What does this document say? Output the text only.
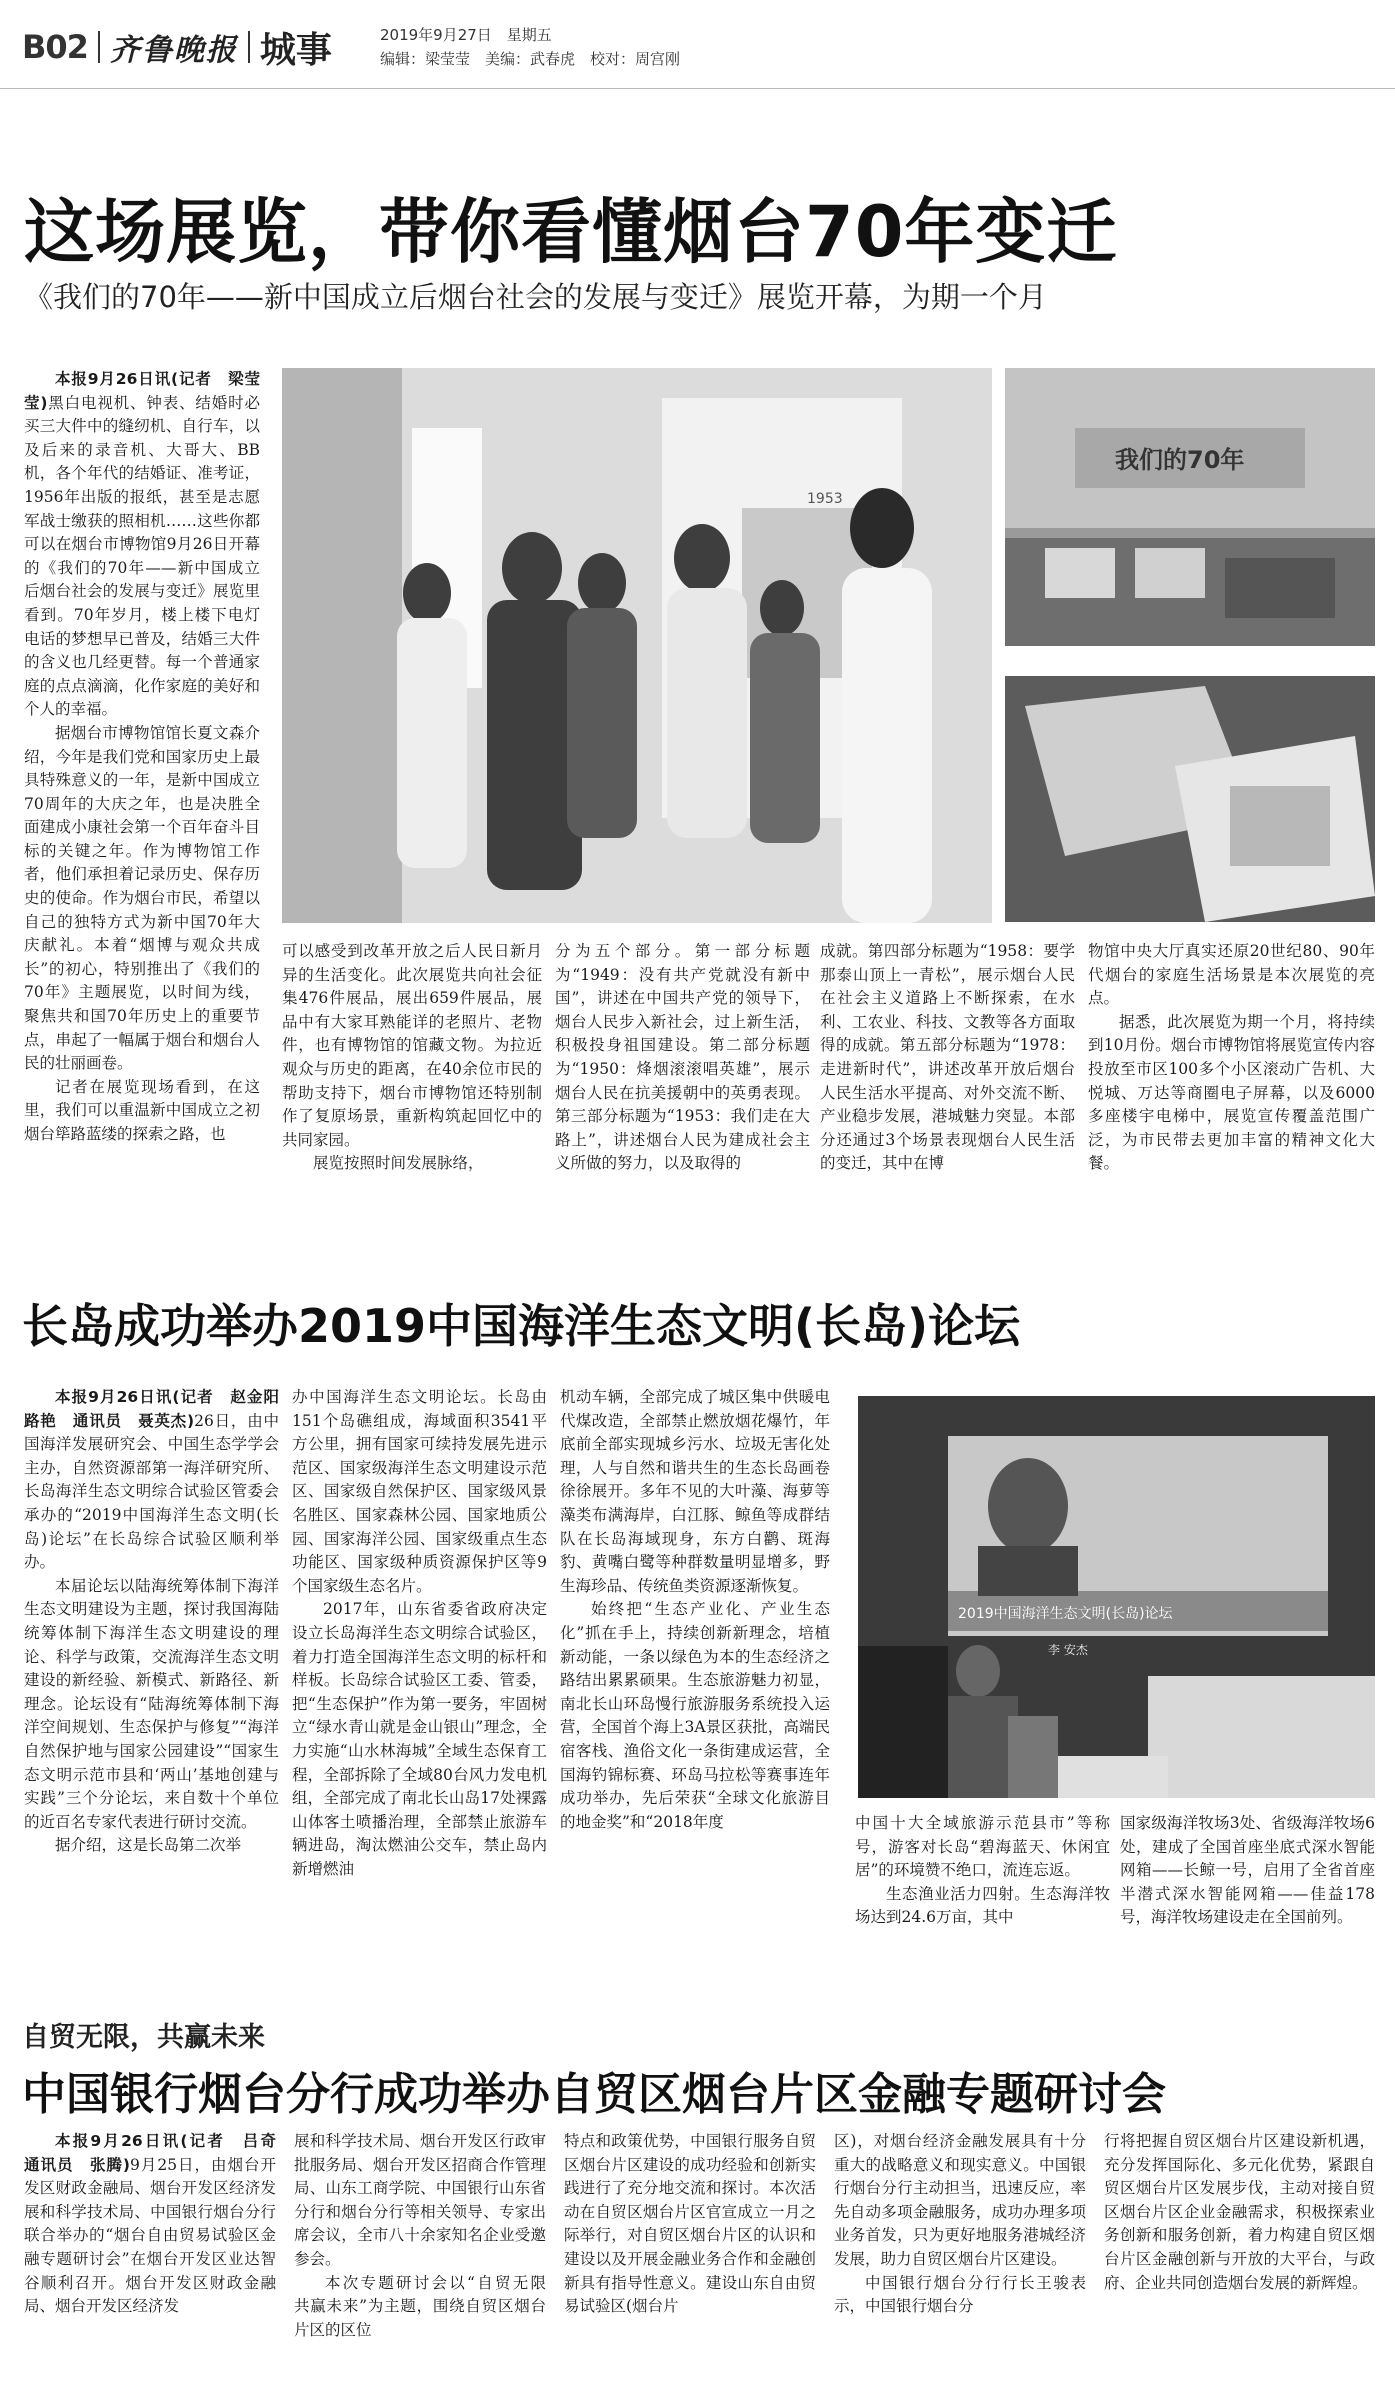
B02 齐鲁晚报 城事	2019年9月27日　星期五
编辑：梁莹莹　美编：武春虎　校对：周宫刚
这场展览，带你看懂烟台70年变迁
《我们的70年——新中国成立后烟台社会的发展与变迁》展览开幕，为期一个月

本报9月26日讯(记者　梁莹莹)黑白电视机、钟表、结婚时必买三大件中的缝纫机、自行车，以及后来的录音机、大哥大、BB机，各个年代的结婚证、准考证，1956年出版的报纸，甚至是志愿军战士缴获的照相机……这些你都可以在烟台市博物馆9月26日开幕的《我们的70年——新中国成立后烟台社会的发展与变迁》展览里看到。70年岁月，楼上楼下电灯电话的梦想早已普及，结婚三大件的含义也几经更替。每一个普通家庭的点点滴滴，化作家庭的美好和个人的幸福。

据烟台市博物馆馆长夏文森介绍，今年是我们党和国家历史上最具特殊意义的一年，是新中国成立70周年的大庆之年，也是决胜全面建成小康社会第一个百年奋斗目标的关键之年。作为博物馆工作者，他们承担着记录历史、保存历史的使命。作为烟台市民，希望以自己的独特方式为新中国70年大庆献礼。本着“烟博与观众共成长”的初心，特别推出了《我们的70年》主题展览，以时间为线，聚焦共和国70年历史上的重要节点，串起了一幅属于烟台和烟台人民的壮丽画卷。

记者在展览现场看到，在这里，我们可以重温新中国成立之初烟台筚路蓝缕的探索之路，也

1953
我们的70年

可以感受到改革开放之后人民日新月异的生活变化。此次展览共向社会征集476件展品，展出659件展品，展品中有大家耳熟能详的老照片、老物件，也有博物馆的馆藏文物。为拉近观众与历史的距离，在40余位市民的帮助支持下，烟台市博物馆还特别制作了复原场景，重新构筑起回忆中的共同家园。

展览按照时间发展脉络，

分为五个部分。第一部分标题为“1949：没有共产党就没有新中国”，讲述在中国共产党的领导下，烟台人民步入新社会，过上新生活，积极投身祖国建设。第二部分标题为“1950：烽烟滚滚唱英雄”，展示烟台人民在抗美援朝中的英勇表现。第三部分标题为“1953：我们走在大路上”，讲述烟台人民为建成社会主义所做的努力，以及取得的

成就。第四部分标题为“1958：要学那泰山顶上一青松”，展示烟台人民在社会主义道路上不断探索，在水利、工农业、科技、文教等各方面取得的成就。第五部分标题为“1978：走进新时代”，讲述改革开放后烟台人民生活水平提高、对外交流不断、产业稳步发展，港城魅力突显。本部分还通过3个场景表现烟台人民生活的变迁，其中在博

物馆中央大厅真实还原20世纪80、90年代烟台的家庭生活场景是本次展览的亮点。

据悉，此次展览为期一个月，将持续到10月份。烟台市博物馆将展览宣传内容投放至市区100多个小区滚动广告机、大悦城、万达等商圈电子屏幕，以及6000多座楼宇电梯中，展览宣传覆盖范围广泛，为市民带去更加丰富的精神文化大餐。

长岛成功举办2019中国海洋生态文明(长岛)论坛

本报9月26日讯(记者　赵金阳　路艳　通讯员　聂英杰)26日，由中国海洋发展研究会、中国生态学学会主办，自然资源部第一海洋研究所、长岛海洋生态文明综合试验区管委会承办的“2019中国海洋生态文明(长岛)论坛”在长岛综合试验区顺利举办。

本届论坛以陆海统筹体制下海洋生态文明建设为主题，探讨我国海陆统筹体制下海洋生态文明建设的理论、科学与政策，交流海洋生态文明建设的新经验、新模式、新路径、新理念。论坛设有“陆海统筹体制下海洋空间规划、生态保护与修复”“海洋自然保护地与国家公园建设”“国家生态文明示范市县和‘两山’基地创建与实践”三个分论坛，来自数十个单位的近百名专家代表进行研讨交流。

据介绍，这是长岛第二次举

办中国海洋生态文明论坛。长岛由151个岛礁组成，海域面积3541平方公里，拥有国家可续持发展先进示范区、国家级海洋生态文明建设示范区、国家级自然保护区、国家级风景名胜区、国家森林公园、国家地质公园、国家海洋公园、国家级重点生态功能区、国家级种质资源保护区等9个国家级生态名片。

2017年，山东省委省政府决定设立长岛海洋生态文明综合试验区，着力打造全国海洋生态文明的标杆和样板。长岛综合试验区工委、管委，把“生态保护”作为第一要务，牢固树立“绿水青山就是金山银山”理念，全力实施“山水林海城”全域生态保育工程，全部拆除了全域80台风力发电机组，全部完成了南北长山岛17处裸露山体客土喷播治理，全部禁止旅游车辆进岛，淘汰燃油公交车，禁止岛内新增燃油

机动车辆，全部完成了城区集中供暖电代煤改造，全部禁止燃放烟花爆竹，年底前全部实现城乡污水、垃圾无害化处理，人与自然和谐共生的生态长岛画卷徐徐展开。多年不见的大叶藻、海萝等藻类布满海岸，白江豚、鲸鱼等成群结队在长岛海域现身，东方白鹳、斑海豹、黄嘴白鹭等种群数量明显增多，野生海珍品、传统鱼类资源逐渐恢复。

始终把“生态产业化、产业生态化”抓在手上，持续创新新理念，培植新动能，一条以绿色为本的生态经济之路结出累累硕果。生态旅游魅力初显，南北长山环岛慢行旅游服务系统投入运营，全国首个海上3A景区获批，高端民宿客栈、渔俗文化一条街建成运营，全国海钓锦标赛、环岛马拉松等赛事连年成功举办，先后荣获“全球文化旅游目的地金奖”和“2018年度

2019中国海洋生态文明(长岛)论坛
李 安杰

中国十大全域旅游示范县市”等称号，游客对长岛“碧海蓝天、休闲宜居”的环境赞不绝口，流连忘返。

生态渔业活力四射。生态海洋牧场达到24.6万亩，其中

国家级海洋牧场3处、省级海洋牧场6处，建成了全国首座坐底式深水智能网箱——长鲸一号，启用了全省首座半潜式深水智能网箱——佳益178号，海洋牧场建设走在全国前列。

自贸无限，共赢未来
中国银行烟台分行成功举办自贸区烟台片区金融专题研讨会

本报9月26日讯(记者　吕奇　通讯员　张腾)9月25日，由烟台开发区财政金融局、烟台开发区经济发展和科学技术局、中国银行烟台分行联合举办的“烟台自由贸易试验区金融专题研讨会”在烟台开发区业达智谷顺利召开。烟台开发区财政金融局、烟台开发区经济发

展和科学技术局、烟台开发区行政审批服务局、烟台开发区招商合作管理局、山东工商学院、中国银行山东省分行和烟台分行等相关领导、专家出席会议，全市八十余家知名企业受邀参会。

本次专题研讨会以“自贸无限　共赢未来”为主题，围绕自贸区烟台片区的区位

特点和政策优势，中国银行服务自贸区烟台片区建设的成功经验和创新实践进行了充分地交流和探讨。本次活动在自贸区烟台片区官宣成立一月之际举行，对自贸区烟台片区的认识和建设以及开展金融业务合作和金融创新具有指导性意义。建设山东自由贸易试验区(烟台片

区)，对烟台经济金融发展具有十分重大的战略意义和现实意义。中国银行烟台分行主动担当，迅速反应，率先自动多项金融服务，成功办理多项业务首发，只为更好地服务港城经济发展，助力自贸区烟台片区建设。

中国银行烟台分行行长王骏表示，中国银行烟台分

行将把握自贸区烟台片区建设新机遇，充分发挥国际化、多元化优势，紧跟自贸区烟台片区发展步伐，主动对接自贸区烟台片区企业金融需求，积极探索业务创新和服务创新，着力构建自贸区烟台片区金融创新与开放的大平台，与政府、企业共同创造烟台发展的新辉煌。
